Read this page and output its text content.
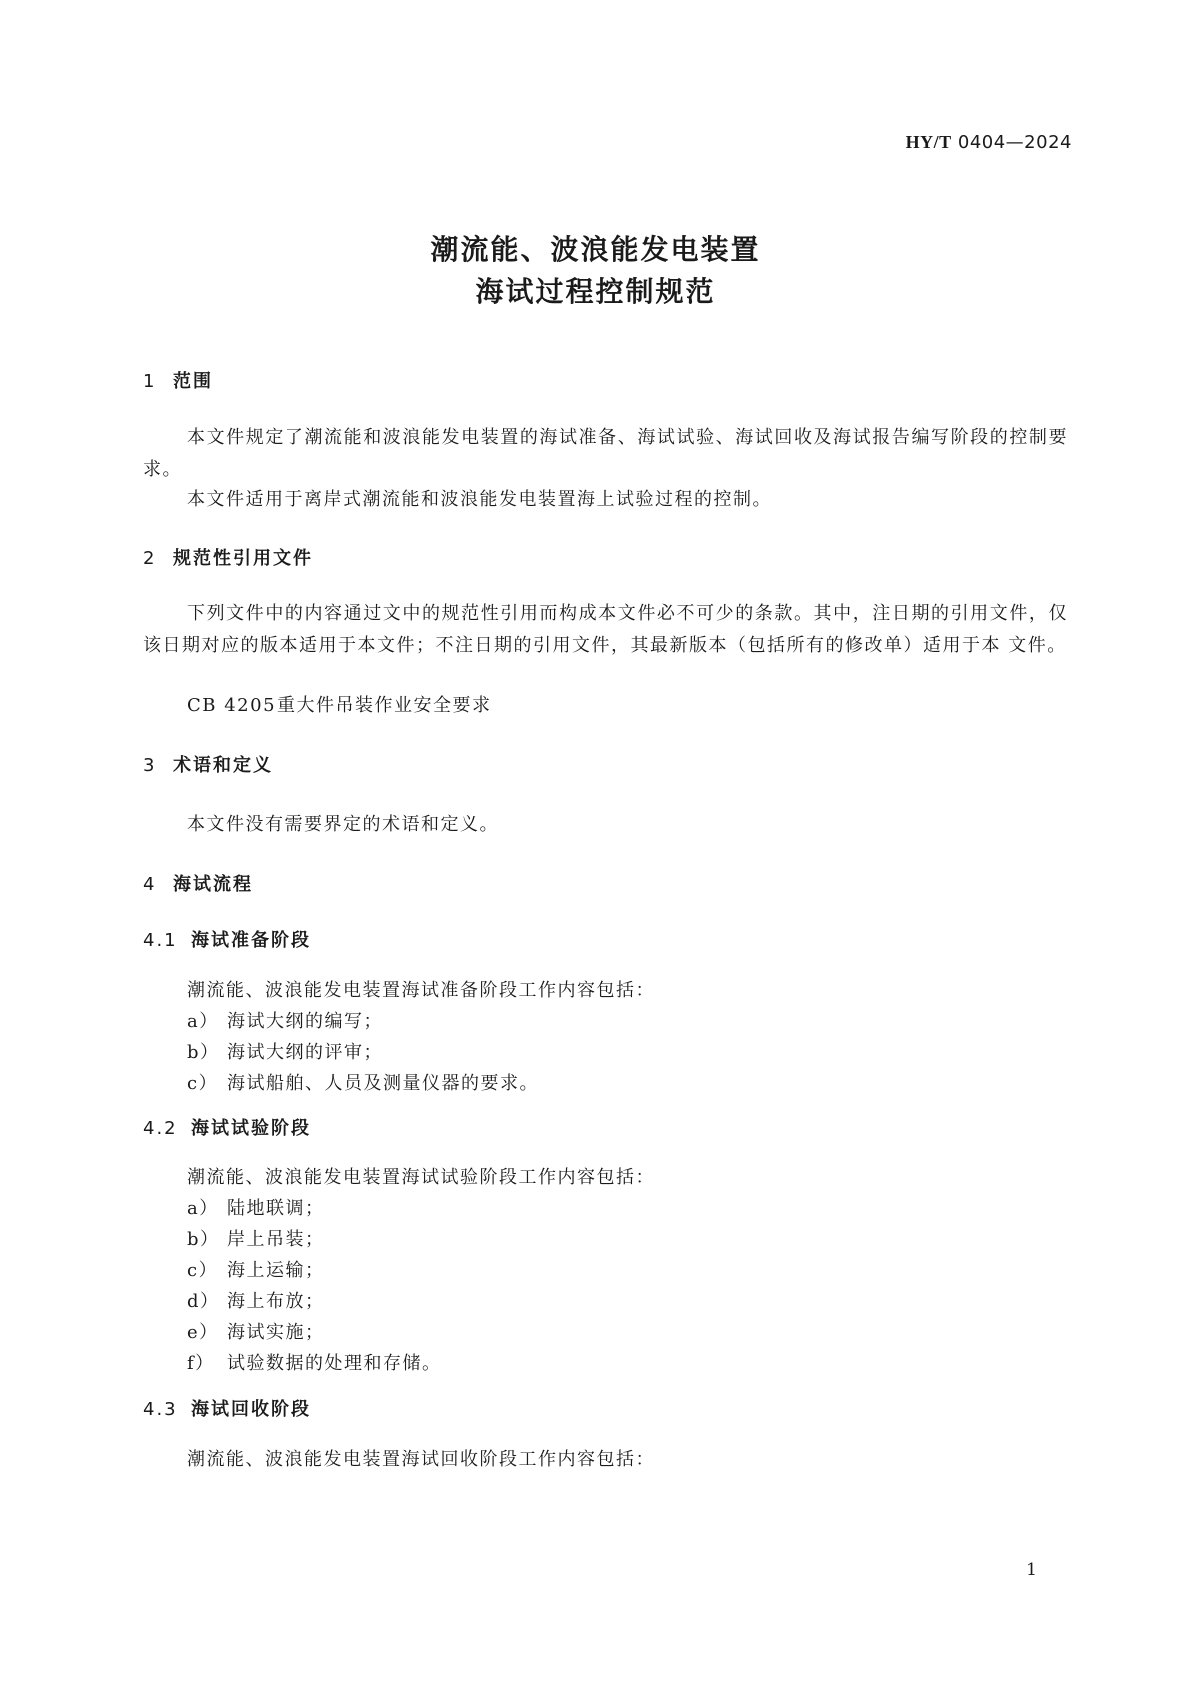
HY/T 0404—2024
潮流能、波浪能发电装置
海试过程控制规范
1 范围
本文件规定了潮流能和波浪能发电装置的海试准备、海试试验、海试回收及海试报告编写阶段的控制要求。
本文件适用于离岸式潮流能和波浪能发电装置海上试验过程的控制。
2 规范性引用文件
下列文件中的内容通过文中的规范性引用而构成本文件必不可少的条款。其中，注日期的引用文件，仅该日期对应的版本适用于本文件；不注日期的引用文件，其最新版本（包括所有的修改单）适用于本 文件。
CB 4205重大件吊装作业安全要求
3 术语和定义
本文件没有需要界定的术语和定义。
4 海试流程
4.1 海试准备阶段
潮流能、波浪能发电装置海试准备阶段工作内容包括：
a） 海试大纲的编写；
b） 海试大纲的评审；
c） 海试船舶、人员及测量仪器的要求。
4.2 海试试验阶段
潮流能、波浪能发电装置海试试验阶段工作内容包括：
a） 陆地联调；
b） 岸上吊装；
c） 海上运输；
d） 海上布放；
e） 海试实施；
f） 试验数据的处理和存储。
4.3 海试回收阶段
潮流能、波浪能发电装置海试回收阶段工作内容包括：
1
